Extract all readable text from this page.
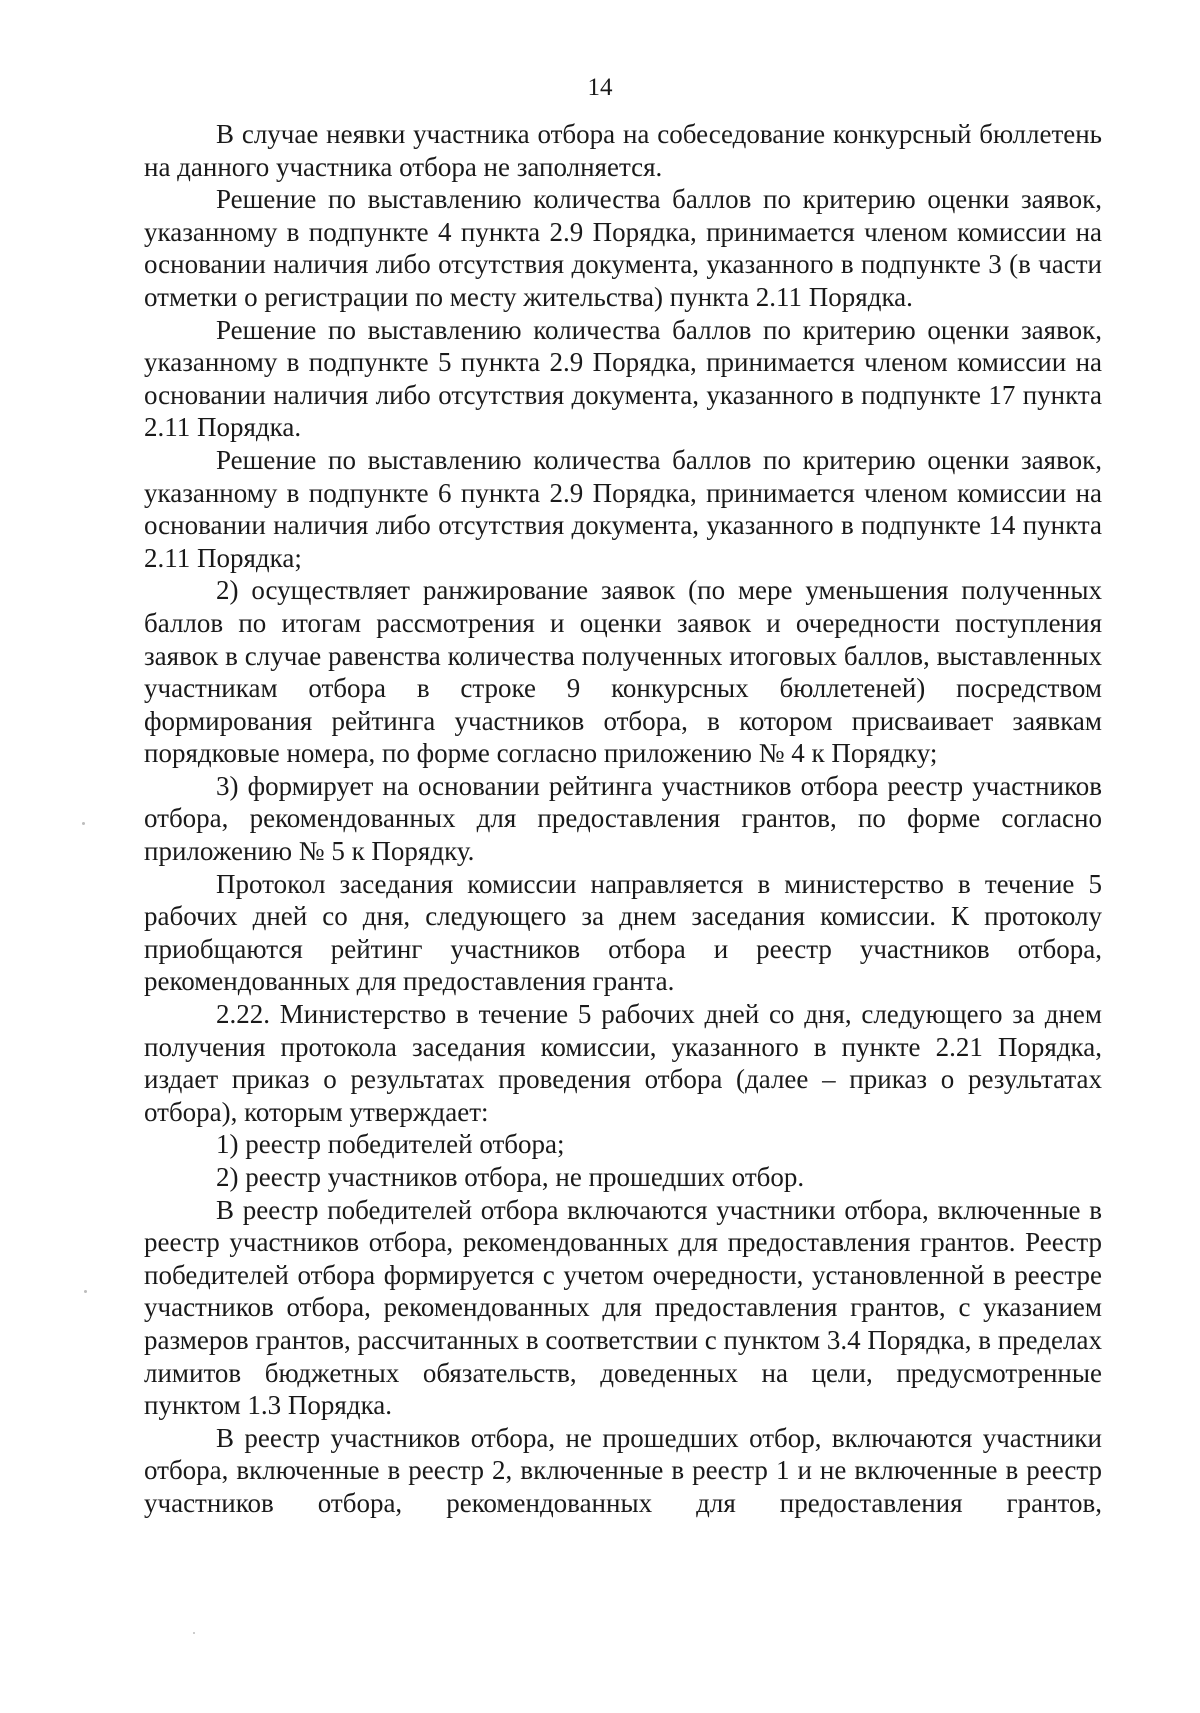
14

В случае неявки участника отбора на собеседование конкурсный бюллетень на данного участника отбора не заполняется.

Решение по выставлению количества баллов по критерию оценки заявок, указанному в подпункте 4 пункта 2.9 Порядка, принимается членом комиссии на основании наличия либо отсутствия документа, указанного в подпункте 3 (в части отметки о регистрации по месту жительства) пункта 2.11 Порядка.

Решение по выставлению количества баллов по критерию оценки заявок, указанному в подпункте 5 пункта 2.9 Порядка, принимается членом комиссии на основании наличия либо отсутствия документа, указанного в подпункте 17 пункта 2.11 Порядка.

Решение по выставлению количества баллов по критерию оценки заявок, указанному в подпункте 6 пункта 2.9 Порядка, принимается членом комиссии на основании наличия либо отсутствия документа, указанного в подпункте 14 пункта 2.11 Порядка;

2) осуществляет ранжирование заявок (по мере уменьшения полученных баллов по итогам рассмотрения и оценки заявок и очередности поступления заявок в случае равенства количества полученных итоговых баллов, выставленных участникам отбора в строке 9 конкурсных бюллетеней) посредством формирования рейтинга участников отбора, в котором присваивает заявкам порядковые номера, по форме согласно приложению № 4 к Порядку;

3) формирует на основании рейтинга участников отбора реестр участников отбора, рекомендованных для предоставления грантов, по форме согласно приложению № 5 к Порядку.

Протокол заседания комиссии направляется в министерство в течение 5 рабочих дней со дня, следующего за днем заседания комиссии. К протоколу приобщаются рейтинг участников отбора и реестр участников отбора, рекомендованных для предоставления гранта.

2.22. Министерство в течение 5 рабочих дней со дня, следующего за днем получения протокола заседания комиссии, указанного в пункте 2.21 Порядка, издает приказ о результатах проведения отбора (далее – приказ о результатах отбора), которым утверждает:

1) реестр победителей отбора;

2) реестр участников отбора, не прошедших отбор.

В реестр победителей отбора включаются участники отбора, включенные в реестр участников отбора, рекомендованных для предоставления грантов. Реестр победителей отбора формируется с учетом очередности, установленной в реестре участников отбора, рекомендованных для предоставления грантов, с указанием размеров грантов, рассчитанных в соответствии с пунктом 3.4 Порядка, в пределах лимитов бюджетных обязательств, доведенных на цели, предусмотренные пунктом 1.3 Порядка.

В реестр участников отбора, не прошедших отбор, включаются участники отбора, включенные в реестр 2, включенные в реестр 1 и не включенные в реестр участников отбора, рекомендованных для предоставления грантов,
